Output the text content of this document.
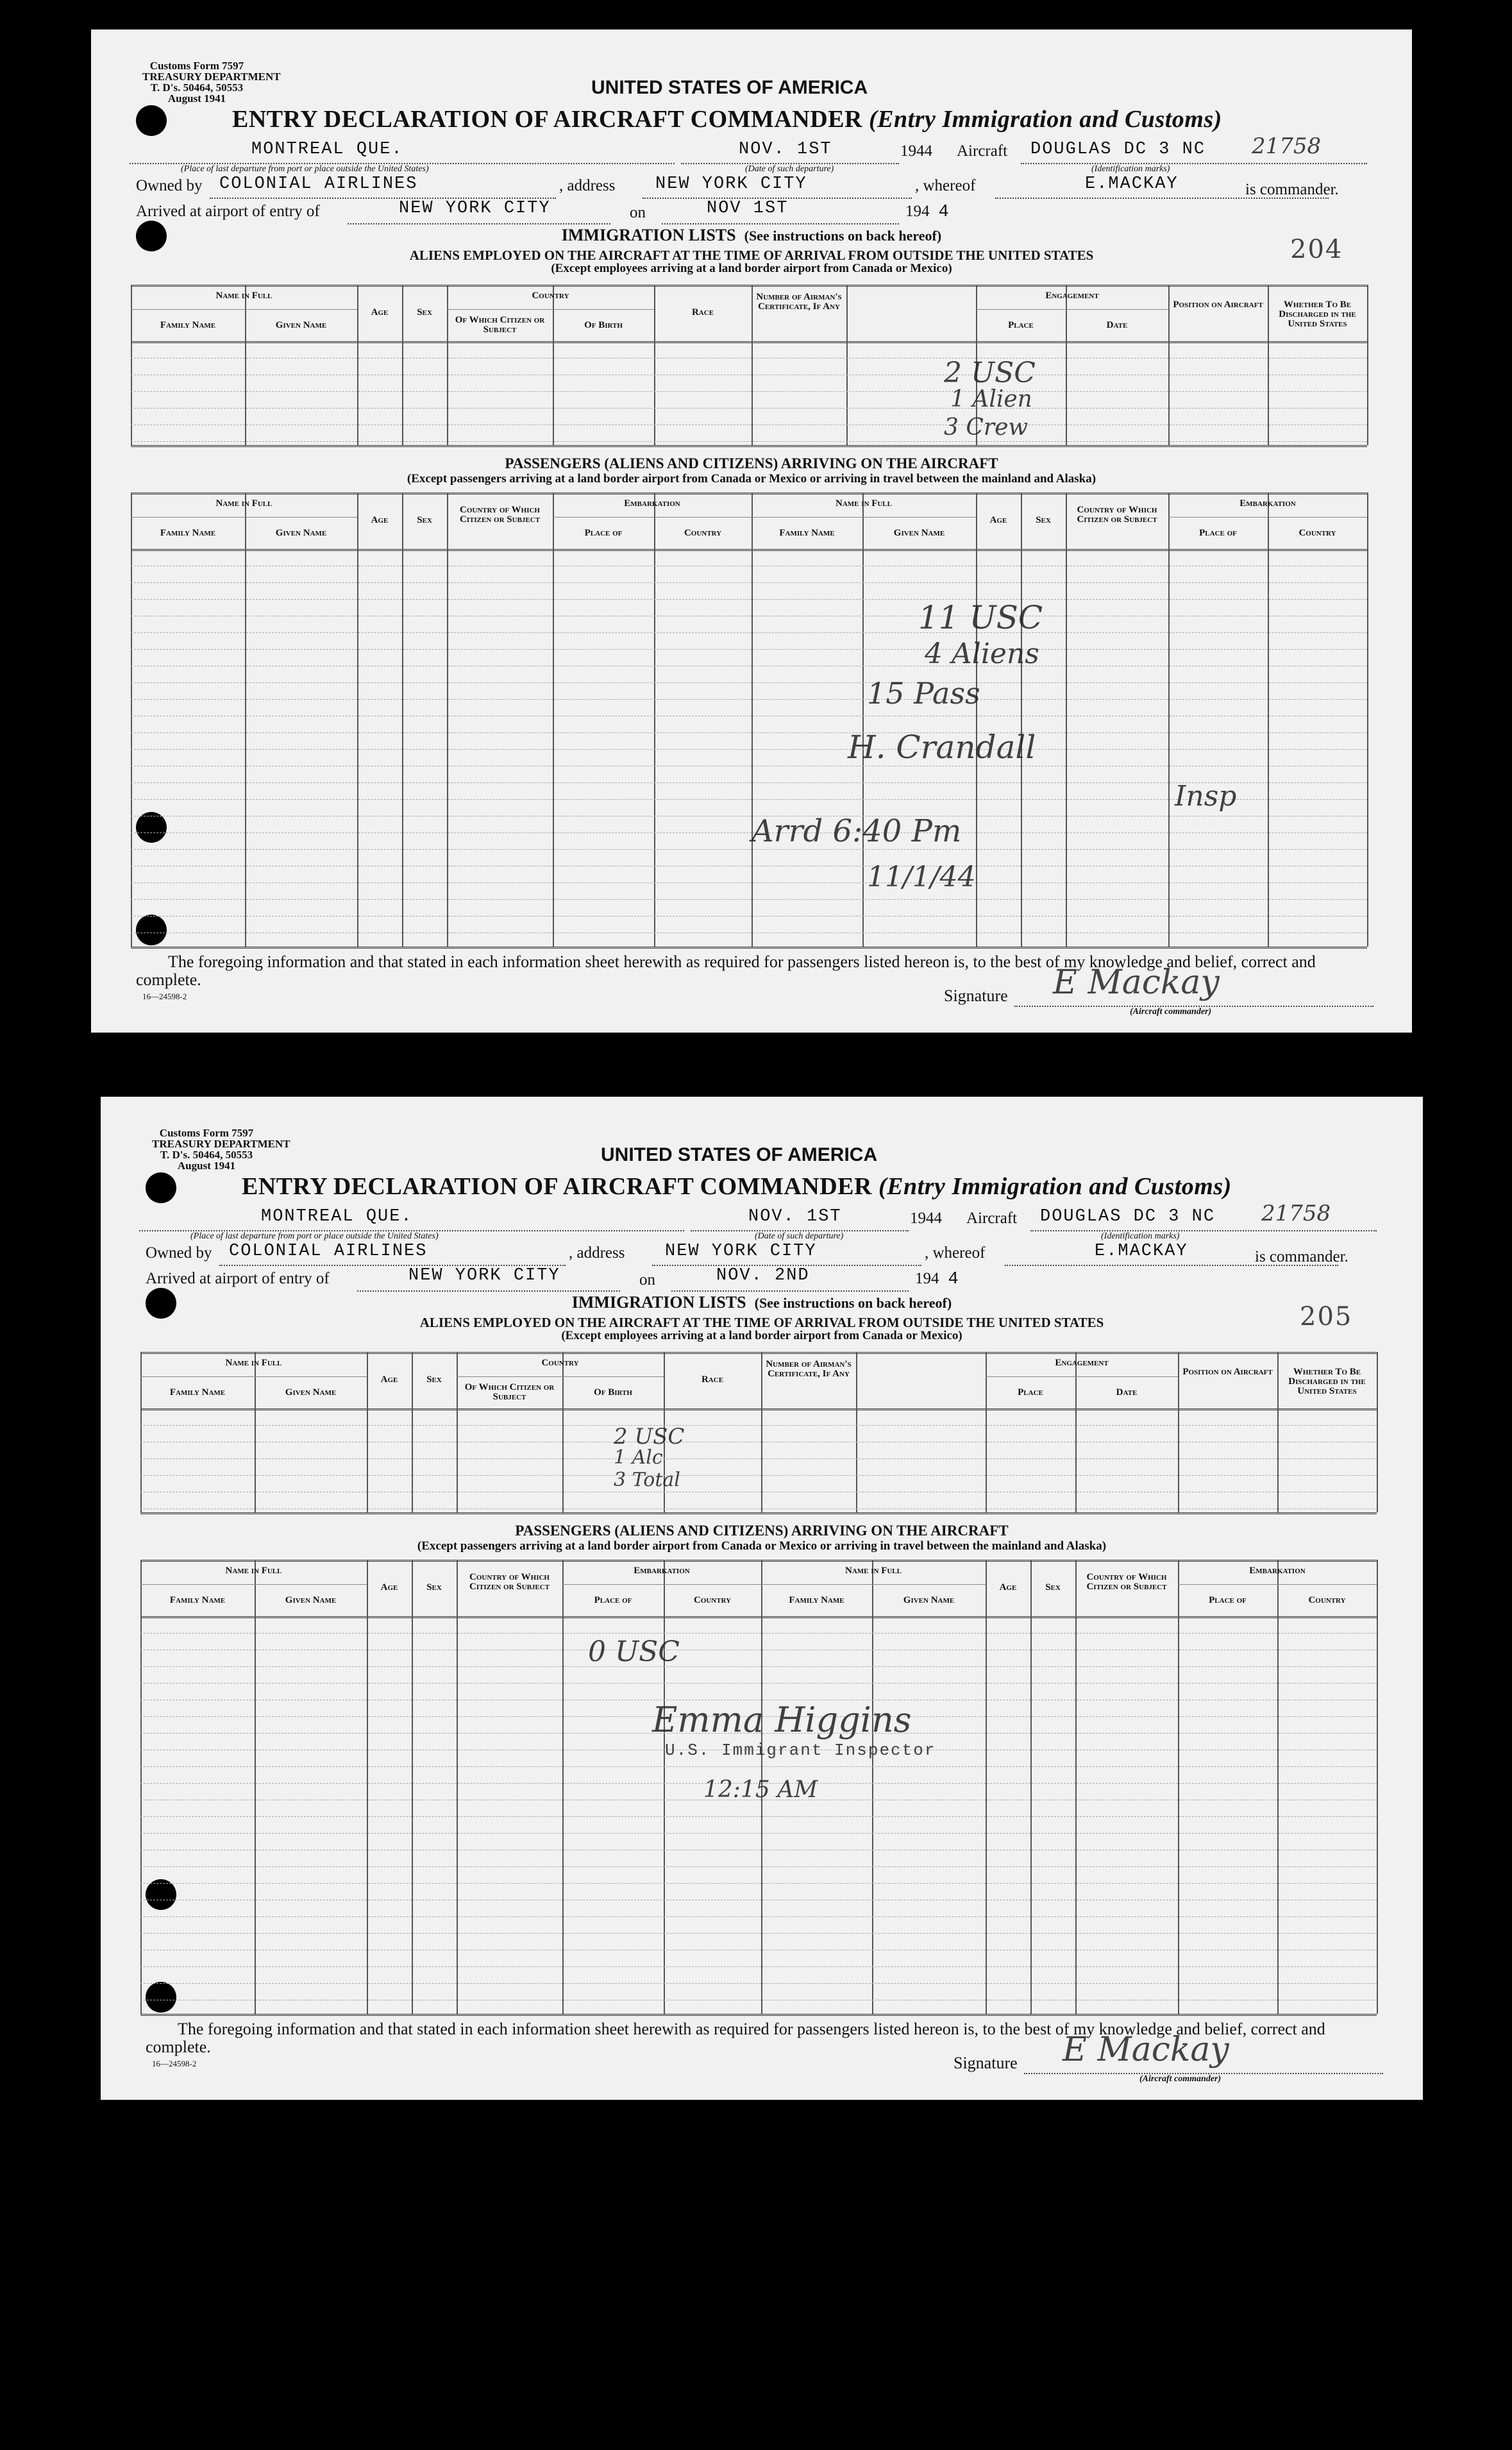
Customs Form 7597
TREASURY DEPARTMENT
T. D's. 50464, 50553
August 1941
UNITED STATES OF AMERICA
ENTRY DECLARATION OF AIRCRAFT COMMANDER (Entry Immigration and Customs)
MONTREAL QUE.
(Place of last departure from port or place outside the United States)
NOV. 1ST
(Date of such departure)
1944 Aircraft DOUGLAS DC 3 NC 21758
(Identification marks)
Owned by COLONIAL AIRLINES	, address NEW YORK CITY	, whereof	E.MACKAY	is commander.
Arrived at airport of entry of	NEW YORK CITY	on	NOV 1ST	194 4
IMMIGRATION LISTS (See instructions on back hereof)
ALIENS EMPLOYED ON THE AIRCRAFT AT THE TIME OF ARRIVAL FROM OUTSIDE THE UNITED STATES
(Except employees arriving at a land border airport from Canada or Mexico)
204
Name in Full
Family Name	Given Name
Age	Sex
Country
Of Which Citizen or Subject	Of Birth
Race
Number of Airman's Certificate, If Any
Engagement
Place	Date
Position on Aircraft	Whether To Be Discharged in the United States
PASSENGERS (ALIENS AND CITIZENS) ARRIVING ON THE AIRCRAFT
(Except passengers arriving at a land border airport from Canada or Mexico or arriving in travel between the mainland and Alaska)
Name in Full
Family Name	Given Name
Age	Sex
Country of Which Citizen or Subject
Embarkation
Place of	Country
Name in Full
Family Name	Given Name
Age	Sex
Country of Which Citizen or Subject
Embarkation
Place of	Country
2 USC
1 Alien
3 Crew
11 USC
4 Aliens
15 Pass
H. Crandall
Insp
Arrd 6:40 Pm
11/1/44
The foregoing information and that stated in each information sheet herewith as required for passengers listed hereon is, to the best of my knowledge and belief, correct and complete.
16—24598-2	Signature E Mackay
(Aircraft commander)
Customs Form 7597
TREASURY DEPARTMENT
T. D's. 50464, 50553
August 1941
UNITED STATES OF AMERICA
ENTRY DECLARATION OF AIRCRAFT COMMANDER (Entry Immigration and Customs)
MONTREAL QUE.
(Place of last departure from port or place outside the United States)
NOV. 1ST
(Date of such departure)
1944 Aircraft DOUGLAS DC 3 NC 21758
(Identification marks)
Owned by COLONIAL AIRLINES	, address NEW YORK CITY	, whereof	E.MACKAY	is commander.
Arrived at airport of entry of	NEW YORK CITY	on	NOV. 2ND	194 4
IMMIGRATION LISTS (See instructions on back hereof)
ALIENS EMPLOYED ON THE AIRCRAFT AT THE TIME OF ARRIVAL FROM OUTSIDE THE UNITED STATES
(Except employees arriving at a land border airport from Canada or Mexico)
205
Name in Full
Family Name	Given Name
Age	Sex
Country
Of Which Citizen or Subject	Of Birth
Race
Number of Airman's Certificate, If Any
Engagement
Place	Date
Position on Aircraft	Whether To Be Discharged in the United States
PASSENGERS (ALIENS AND CITIZENS) ARRIVING ON THE AIRCRAFT
(Except passengers arriving at a land border airport from Canada or Mexico or arriving in travel between the mainland and Alaska)
Name in Full
Family Name	Given Name
Age	Sex
Country of Which Citizen or Subject
Embarkation
Place of	Country
Name in Full
Family Name	Given Name
Age	Sex
Country of Which Citizen or Subject
Embarkation
Place of	Country
2 USC
1 Alc
3 Total
0 USC
Emma Higgins
U.S. Immigrant Inspector
12:15 AM
The foregoing information and that stated in each information sheet herewith as required for passengers listed hereon is, to the best of my knowledge and belief, correct and complete.
16—24598-2	Signature E Mackay
(Aircraft commander)
